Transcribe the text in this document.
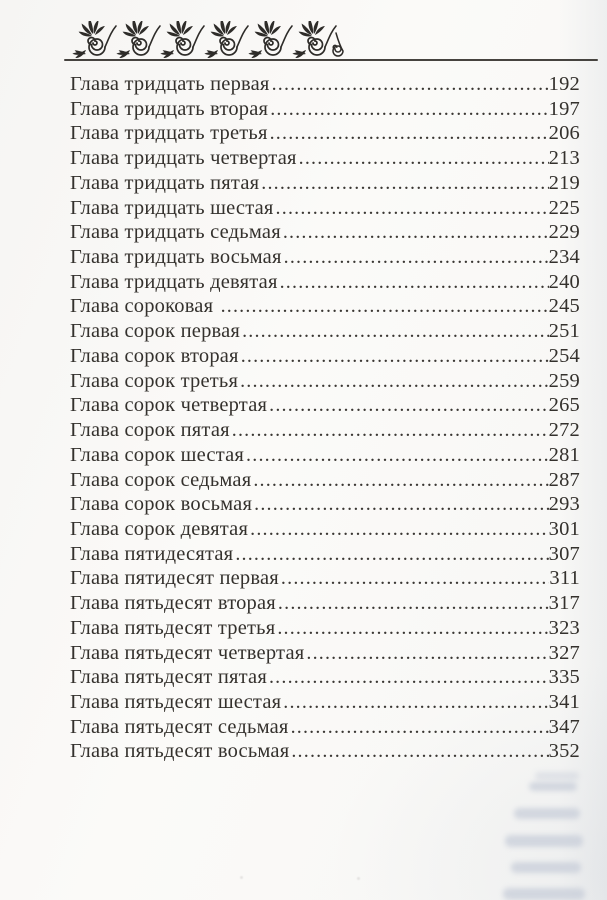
Глава тридцать первая .....	192
Глава тридцать вторая .....	197
Глава тридцать третья .....	206
Глава тридцать четвертая .....	213
Глава тридцать пятая .....	219
Глава тридцать шестая .....	225
Глава тридцать седьмая .....	229
Глава тридцать восьмая .....	234
Глава тридцать девятая .....	240
Глава сороковая .....	245
Глава сорок первая .....	251
Глава сорок вторая .....	254
Глава сорок третья .....	259
Глава сорок четвертая .....	265
Глава сорок пятая .....	272
Глава сорок шестая .....	281
Глава сорок седьмая .....	287
Глава сорок восьмая .....	293
Глава сорок девятая .....	301
Глава пятидесятая .....	307
Глава пятидесят первая .....	311
Глава пятьдесят вторая .....	317
Глава пятьдесят третья .....	323
Глава пятьдесят четвертая .....	327
Глава пятьдесят пятая .....	335
Глава пятьдесят шестая .....	341
Глава пятьдесят седьмая .....	347
Глава пятьдесят восьмая .....	352
